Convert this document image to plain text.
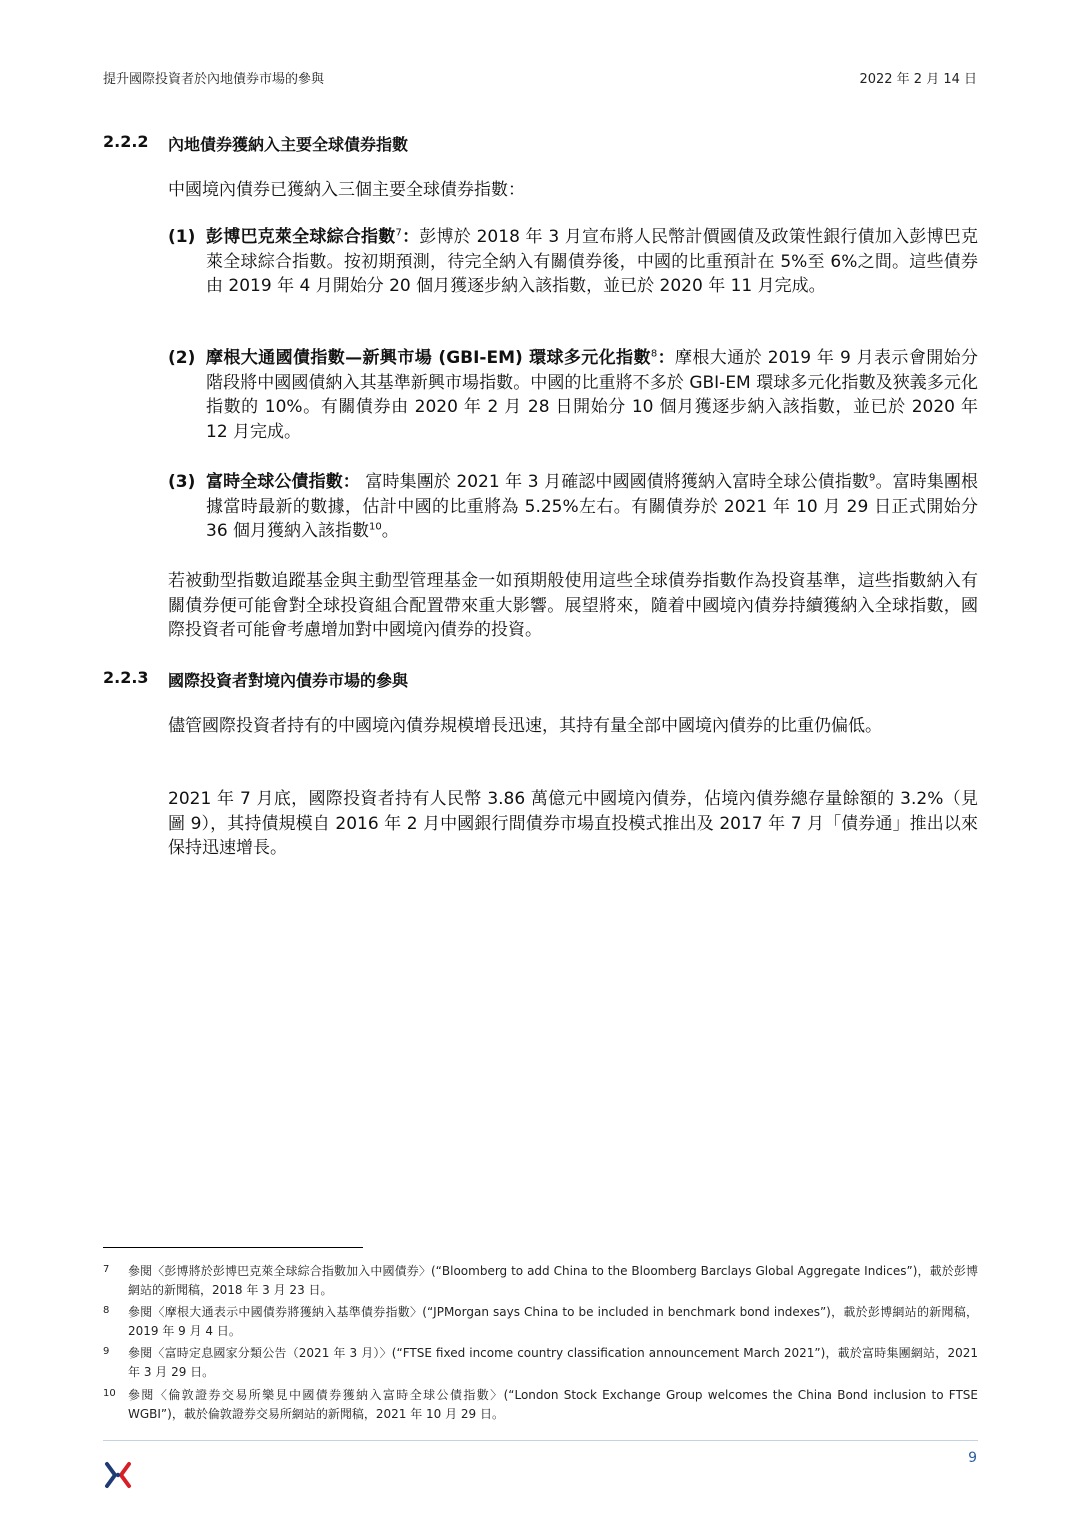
提升國際投資者於內地債券市場的參與	2022 年 2 月 14 日
2.2.2 內地債券獲納入主要全球債券指數
中國境內債券已獲納入三個主要全球債券指數：
(1) 彭博巴克萊全球綜合指數$^7$：彭博於 2018 年 3 月宣布將人民幣計價國債及政策性銀行債加入彭博巴克萊全球綜合指數。按初期預測，待完全納入有關債券後，中國的比重預計在 5%至 6%之間。這些債券由 2019 年 4 月開始分 20 個月獲逐步納入該指數，並已於 2020 年 11 月完成。
(2) 摩根大通國債指數—新興市場 (GBI-EM) 環球多元化指數$^8$：摩根大通於 2019 年 9 月表示會開始分階段將中國國債納入其基準新興市場指數。中國的比重將不多於 GBI-EM 環球多元化指數及狹義多元化指數的 10%。有關債券由 2020 年 2 月 28 日開始分 10 個月獲逐步納入該指數，並已於 2020 年 12 月完成。
(3) 富時全球公債指數： 富時集團於 2021 年 3 月確認中國國債將獲納入富時全球公債指數$^9$。富時集團根據當時最新的數據，估計中國的比重將為 5.25%左右。有關債券於 2021 年 10 月 29 日正式開始分 36 個月獲納入該指數$^{10}$。
若被動型指數追蹤基金與主動型管理基金一如預期般使用這些全球債券指數作為投資基準，這些指數納入有關債券便可能會對全球投資組合配置帶來重大影響。展望將來，隨着中國境內債券持續獲納入全球指數，國際投資者可能會考慮增加對中國境內債券的投資。
2.2.3 國際投資者對境內債券市場的參與
儘管國際投資者持有的中國境內債券規模增長迅速，其持有量全部中國境內債券的比重仍偏低。
2021 年 7 月底，國際投資者持有人民幣 3.86 萬億元中國境內債券，佔境內債券總存量餘額的 3.2%（見圖 9），其持債規模自 2016 年 2 月中國銀行間債券市場直投模式推出及 2017 年 7 月「債券通」推出以來保持迅速增長。
7 參閱〈彭博將於彭博巴克萊全球綜合指數加入中國債券〉(“Bloomberg to add China to the Bloomberg Barclays Global Aggregate Indices”)，載於彭博網站的新聞稿，2018 年 3 月 23 日。
8 參閱〈摩根大通表示中國債券將獲納入基準債券指數〉(“JPMorgan says China to be included in benchmark bond indexes”)，載於彭博網站的新聞稿，2019 年 9 月 4 日。
9 參閱〈富時定息國家分類公告（2021 年 3 月）〉(“FTSE fixed income country classification announcement March 2021”)，載於富時集團網站，2021 年 3 月 29 日。
10 參閱〈倫敦證券交易所樂見中國債券獲納入富時全球公債指數〉(“London Stock Exchange Group welcomes the China Bond inclusion to FTSE WGBI”)，載於倫敦證券交易所網站的新聞稿，2021 年 10 月 29 日。
9
